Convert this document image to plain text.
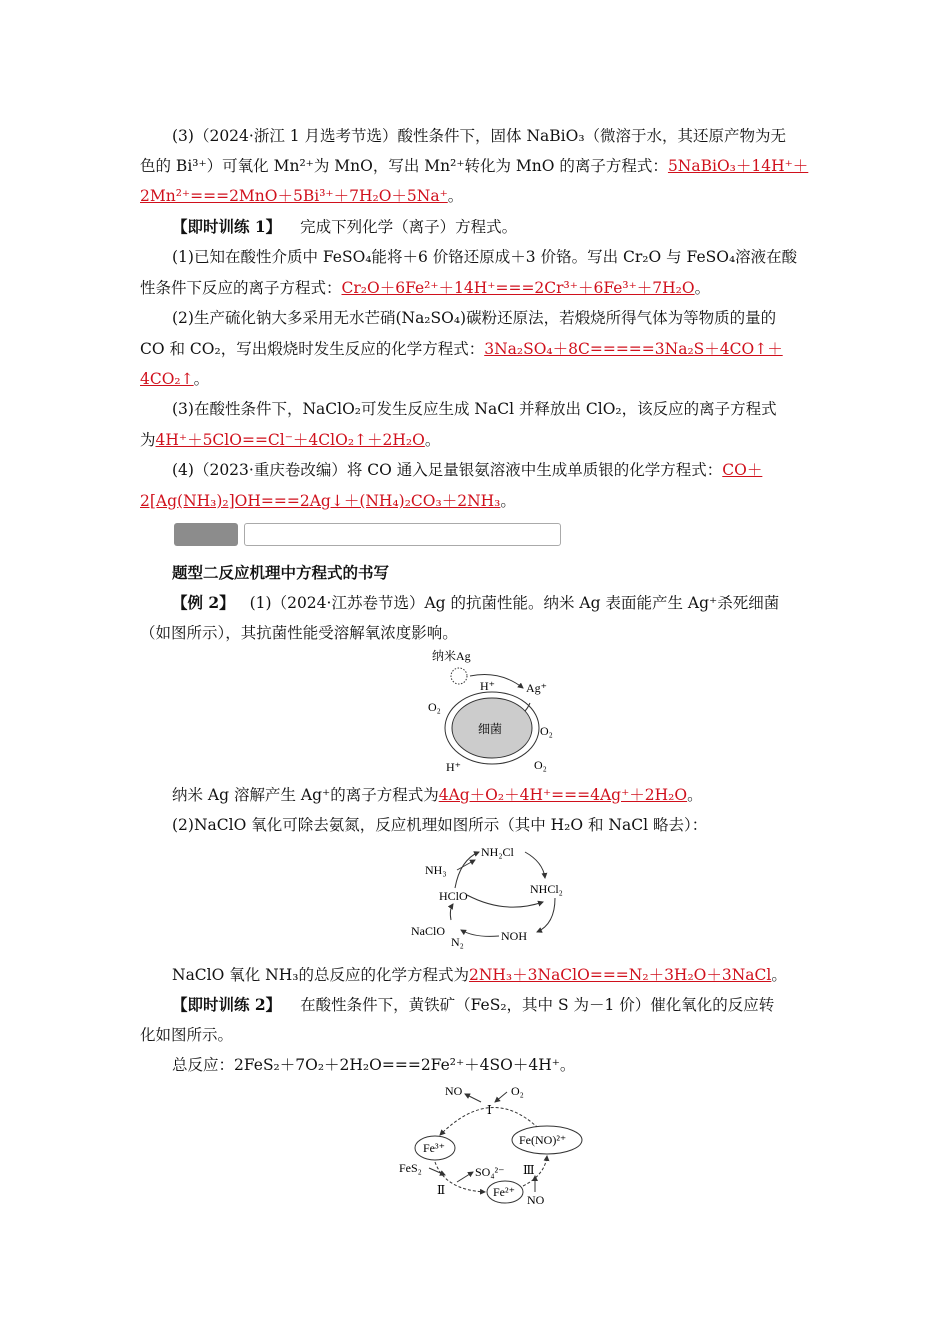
(3)（2024·浙江 1 月选考节选）酸性条件下，固体 NaBiO₃（微溶于水，其还原产物为无
色的 Bi³⁺）可氧化 Mn²⁺为 MnO，写出 Mn²⁺转化为 MnO 的离子方程式：5NaBiO₃＋14H⁺＋
2Mn²⁺===2MnO＋5Bi³⁺＋7H₂O＋5Na⁺。
【即时训练 1】 完成下列化学（离子）方程式。
(1)已知在酸性介质中 FeSO₄能将＋6 价铬还原成＋3 价铬。写出 Cr₂O 与 FeSO₄溶液在酸
性条件下反应的离子方程式：Cr₂O＋6Fe²⁺＋14H⁺===2Cr³⁺＋6Fe³⁺＋7H₂O。
(2)生产硫化钠大多采用无水芒硝(Na₂SO₄)碳粉还原法，若煅烧所得气体为等物质的量的
CO 和 CO₂，写出煅烧时发生反应的化学方程式：3Na₂SO₄＋8C=====3Na₂S＋4CO↑＋
4CO₂↑。
(3)在酸性条件下，NaClO₂可发生反应生成 NaCl 并释放出 ClO₂，该反应的离子方程式
为4H⁺＋5ClO==Cl⁻＋4ClO₂↑＋2H₂O。
(4)（2023·重庆卷改编）将 CO 通入足量银氨溶液中生成单质银的化学方程式：CO＋
2[Ag(NH₃)₂]OH===2Ag↓＋(NH₄)₂CO₃＋2NH₃。
题型二反应机理中方程式的书写
【例 2】 (1)（2024·江苏卷节选）Ag 的抗菌性能。纳米 Ag 表面能产生 Ag⁺杀死细菌
（如图所示），其抗菌性能受溶解氧浓度影响。
纳米Ag
H⁺	Ag⁺
O₂
细菌	O₂
H⁺	O₂
纳米 Ag 溶解产生 Ag⁺的离子方程式为4Ag＋O₂＋4H⁺===4Ag⁺＋2H₂O。
(2)NaClO 氧化可除去氨氮，反应机理如图所示（其中 H₂O 和 NaCl 略去）：
NH₂Cl
NH₃
HClO	NHCl₂
NaClO
N₂	NOH
NaClO 氧化 NH₃的总反应的化学方程式为2NH₃＋3NaClO===N₂＋3H₂O＋3NaCl。
【即时训练 2】 在酸性条件下，黄铁矿（FeS₂，其中 S 为－1 价）催化氧化的反应转
化如图所示。
总反应：2FeS₂＋7O₂＋2H₂O===2Fe²⁺＋4SO＋4H⁺。
NO	O₂
Ⅰ
Fe³⁺
Fe(NO)²⁺
FeS₂	SO₄²⁻ Ⅲ
Ⅱ	Fe²⁺
NO
